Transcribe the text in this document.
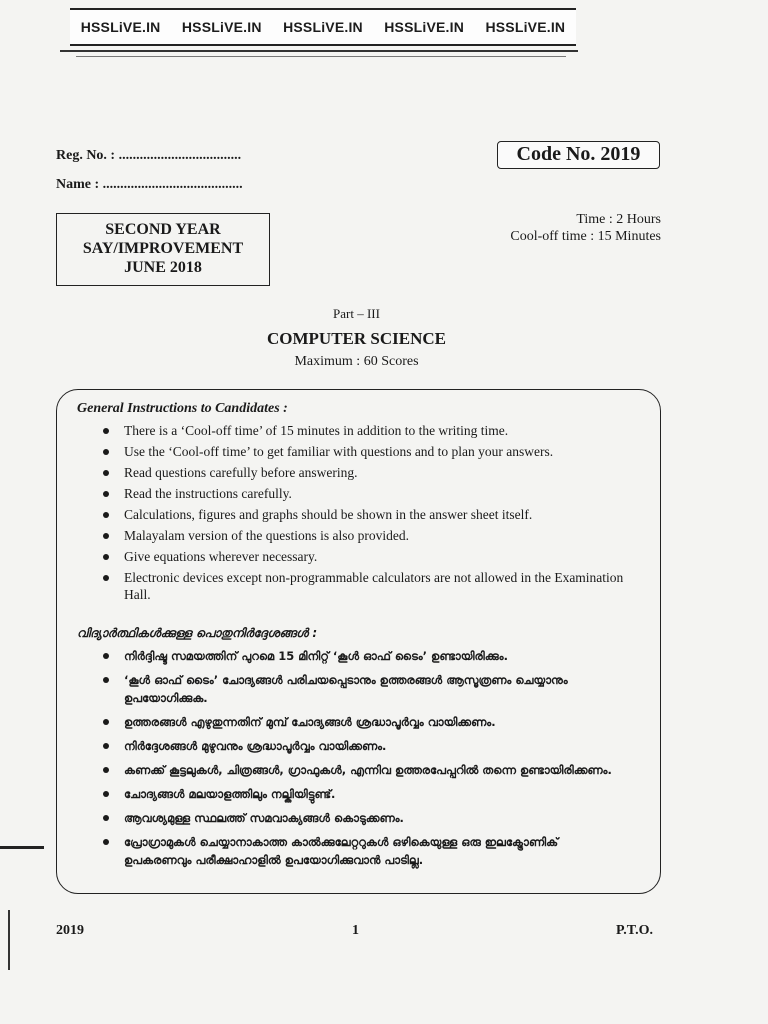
HSSLiVE.IN HSSLiVE.IN HSSLiVE.IN HSSLiVE.IN HSSLiVE.IN
Reg. No. : ...................................
Name : ........................................
Code No. 2019
SECOND YEAR
SAY/IMPROVEMENT
JUNE 2018
Time : 2 Hours
Cool-off time : 15 Minutes
Part – III
COMPUTER SCIENCE
Maximum : 60 Scores
General Instructions to Candidates :
There is a ‘Cool-off time’ of 15 minutes in addition to the writing time.
Use the ‘Cool-off time’ to get familiar with questions and to plan your answers.
Read questions carefully before answering.
Read the instructions carefully.
Calculations, figures and graphs should be shown in the answer sheet itself.
Malayalam version of the questions is also provided.
Give equations wherever necessary.
Electronic devices except non-programmable calculators are not allowed in the Examination Hall.
വിദ്യാർത്ഥികൾക്കുള്ള പൊതുനിർദ്ദേശങ്ങൾ :
നിർദ്ദിഷ്ട സമയത്തിന് പുറമെ 15 മിനിറ്റ് ‘കൂൾ ഓഫ് ടൈം’ ഉണ്ടായിരിക്കും.
‘കൂൾ ഓഫ് ടൈം’ ചോദ്യങ്ങൾ പരിചയപ്പെടാനും ഉത്തരങ്ങൾ ആസൂത്രണം ചെയ്യാനും ഉപയോഗിക്കുക.
ഉത്തരങ്ങൾ എഴുതുന്നതിന് മുമ്പ് ചോദ്യങ്ങൾ ശ്രദ്ധാപൂർവ്വം വായിക്കണം.
നിർദ്ദേശങ്ങൾ മുഴുവനും ശ്രദ്ധാപൂർവ്വം വായിക്കണം.
കണക്ക് കൂട്ടലുകൾ, ചിത്രങ്ങൾ, ഗ്രാഫുകൾ, എന്നിവ ഉത്തരപേപ്പറിൽ തന്നെ ഉണ്ടായിരിക്കണം.
ചോദ്യങ്ങൾ മലയാളത്തിലും നല്കിയിട്ടുണ്ട്.
ആവശ്യമുള്ള സ്ഥലത്ത് സമവാക്യങ്ങൾ കൊടുക്കണം.
പ്രോഗ്രാമുകൾ ചെയ്യാനാകാത്ത കാൽക്കുലേറ്ററുകൾ ഒഴികെയുള്ള ഒരു ഇലക്ട്രോണിക് ഉപകരണവും പരീക്ഷാഹാളിൽ ഉപയോഗിക്കുവാൻ പാടില്ല.
2019	1	P.T.O.
